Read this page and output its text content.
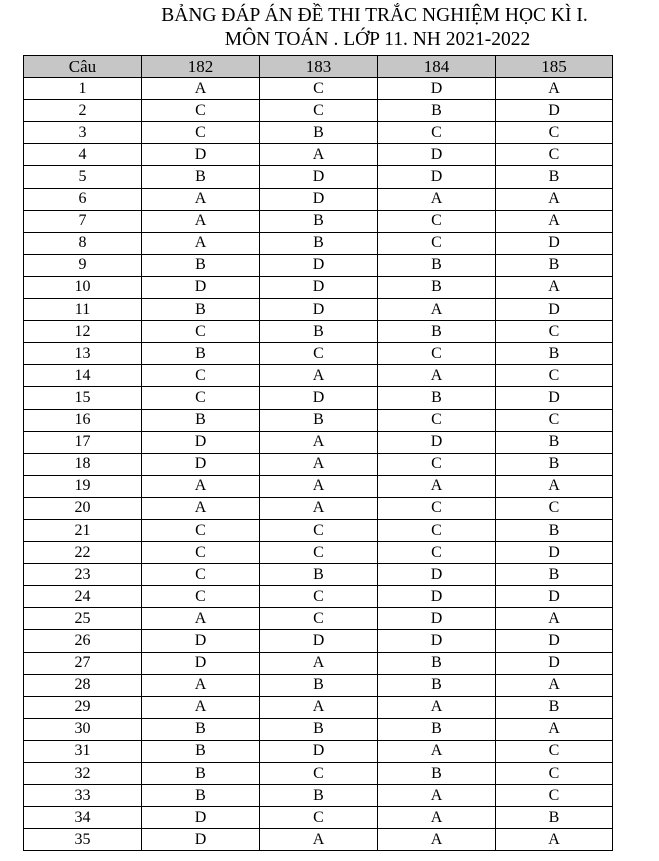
BẢNG ĐÁP ÁN ĐỀ THI TRẮC NGHIỆM HỌC KÌ I.
MÔN TOÁN . LỚP 11. NH 2021-2022
Câu	182	183	184	185
1	A	C	D	A
2	C	C	B	D
3	C	B	C	C
4	D	A	D	C
5	B	D	D	B
6	A	D	A	A
7	A	B	C	A
8	A	B	C	D
9	B	D	B	B
10	D	D	B	A
11	B	D	A	D
12	C	B	B	C
13	B	C	C	B
14	C	A	A	C
15	C	D	B	D
16	B	B	C	C
17	D	A	D	B
18	D	A	C	B
19	A	A	A	A
20	A	A	C	C
21	C	C	C	B
22	C	C	C	D
23	C	B	D	B
24	C	C	D	D
25	A	C	D	A
26	D	D	D	D
27	D	A	B	D
28	A	B	B	A
29	A	A	A	B
30	B	B	B	A
31	B	D	A	C
32	B	C	B	C
33	B	B	A	C
34	D	C	A	B
35	D	A	A	A
